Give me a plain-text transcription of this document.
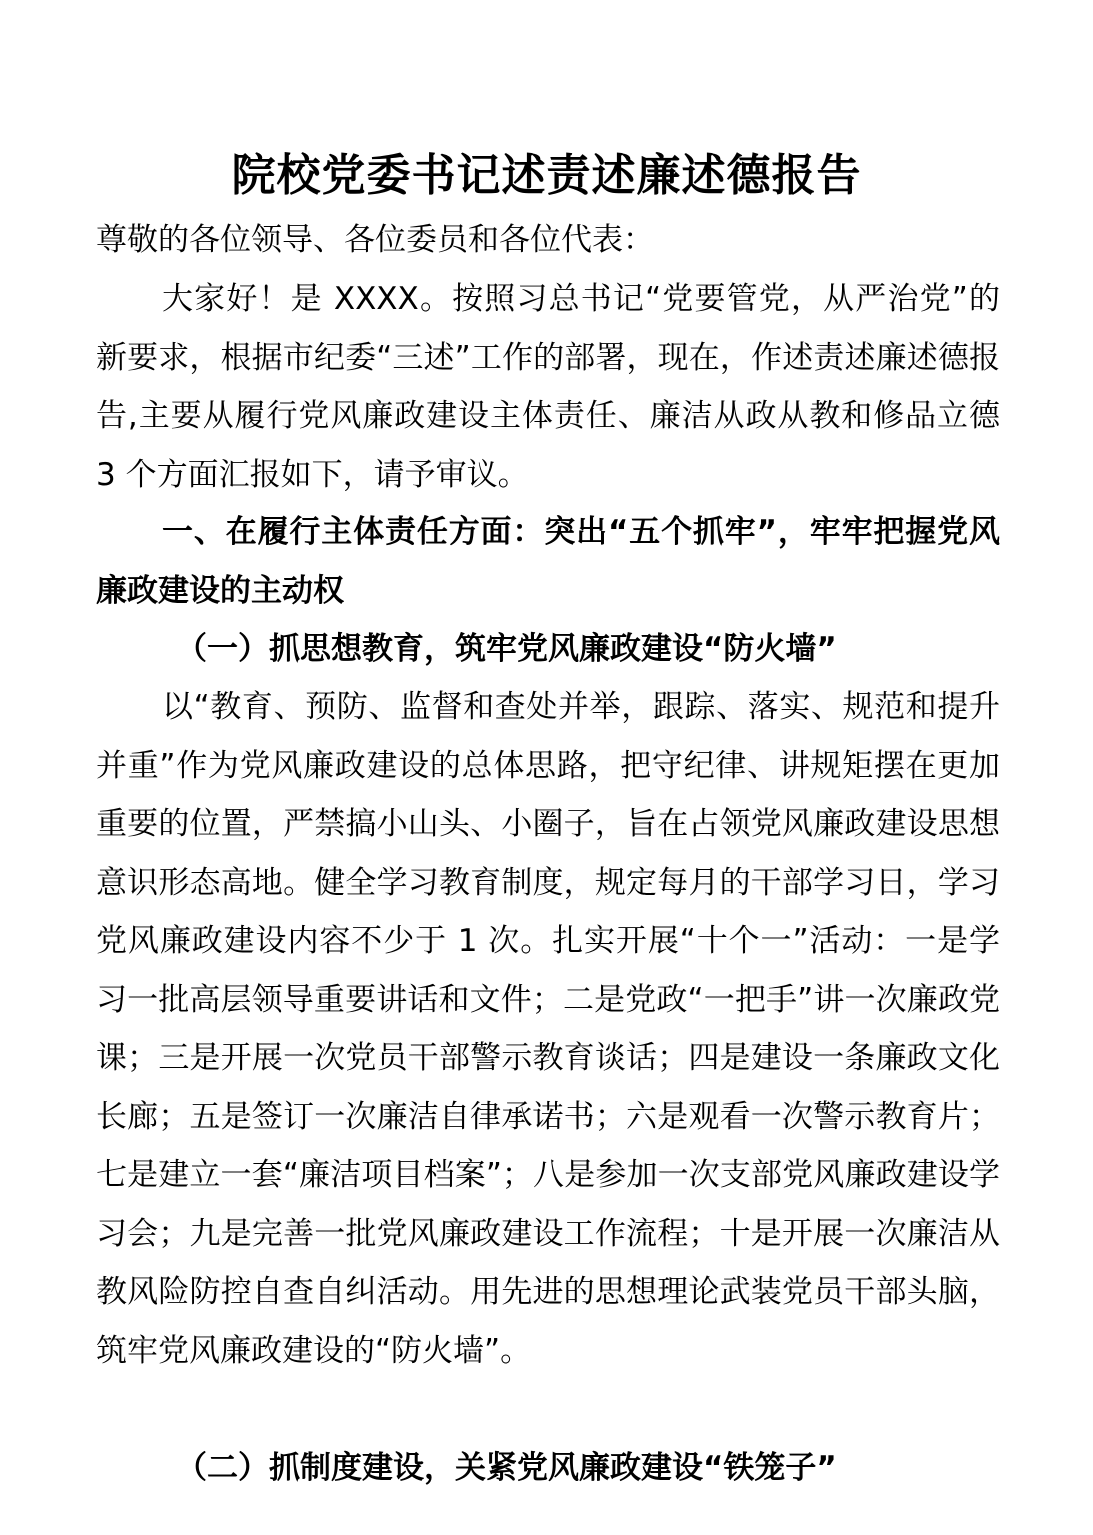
院校党委书记述责述廉述德报告
尊敬的各位领导、各位委员和各位代表：
大家好！是 XXXX。按照习总书记“党要管党，从严治党”的新要求，根据市纪委“三述”工作的部署，现在，作述责述廉述德报告,主要从履行党风廉政建设主体责任、廉洁从政从教和修品立德 3 个方面汇报如下，请予审议。
一、在履行主体责任方面：突出“五个抓牢”，牢牢把握党风廉政建设的主动权
（一）抓思想教育，筑牢党风廉政建设“防火墙”
以“教育、预防、监督和查处并举，跟踪、落实、规范和提升并重”作为党风廉政建设的总体思路，把守纪律、讲规矩摆在更加重要的位置，严禁搞小山头、小圈子，旨在占领党风廉政建设思想意识形态高地。健全学习教育制度，规定每月的干部学习日，学习党风廉政建设内容不少于 1 次。扎实开展“十个一”活动：一是学习一批高层领导重要讲话和文件；二是党政“一把手”讲一次廉政党课；三是开展一次党员干部警示教育谈话；四是建设一条廉政文化长廊；五是签订一次廉洁自律承诺书；六是观看一次警示教育片；七是建立一套“廉洁项目档案”；八是参加一次支部党风廉政建设学习会；九是完善一批党风廉政建设工作流程；十是开展一次廉洁从教风险防控自查自纠活动。用先进的思想理论武装党员干部头脑，筑牢党风廉政建设的“防火墙”。
（二）抓制度建设，关紧党风廉政建设“铁笼子”
